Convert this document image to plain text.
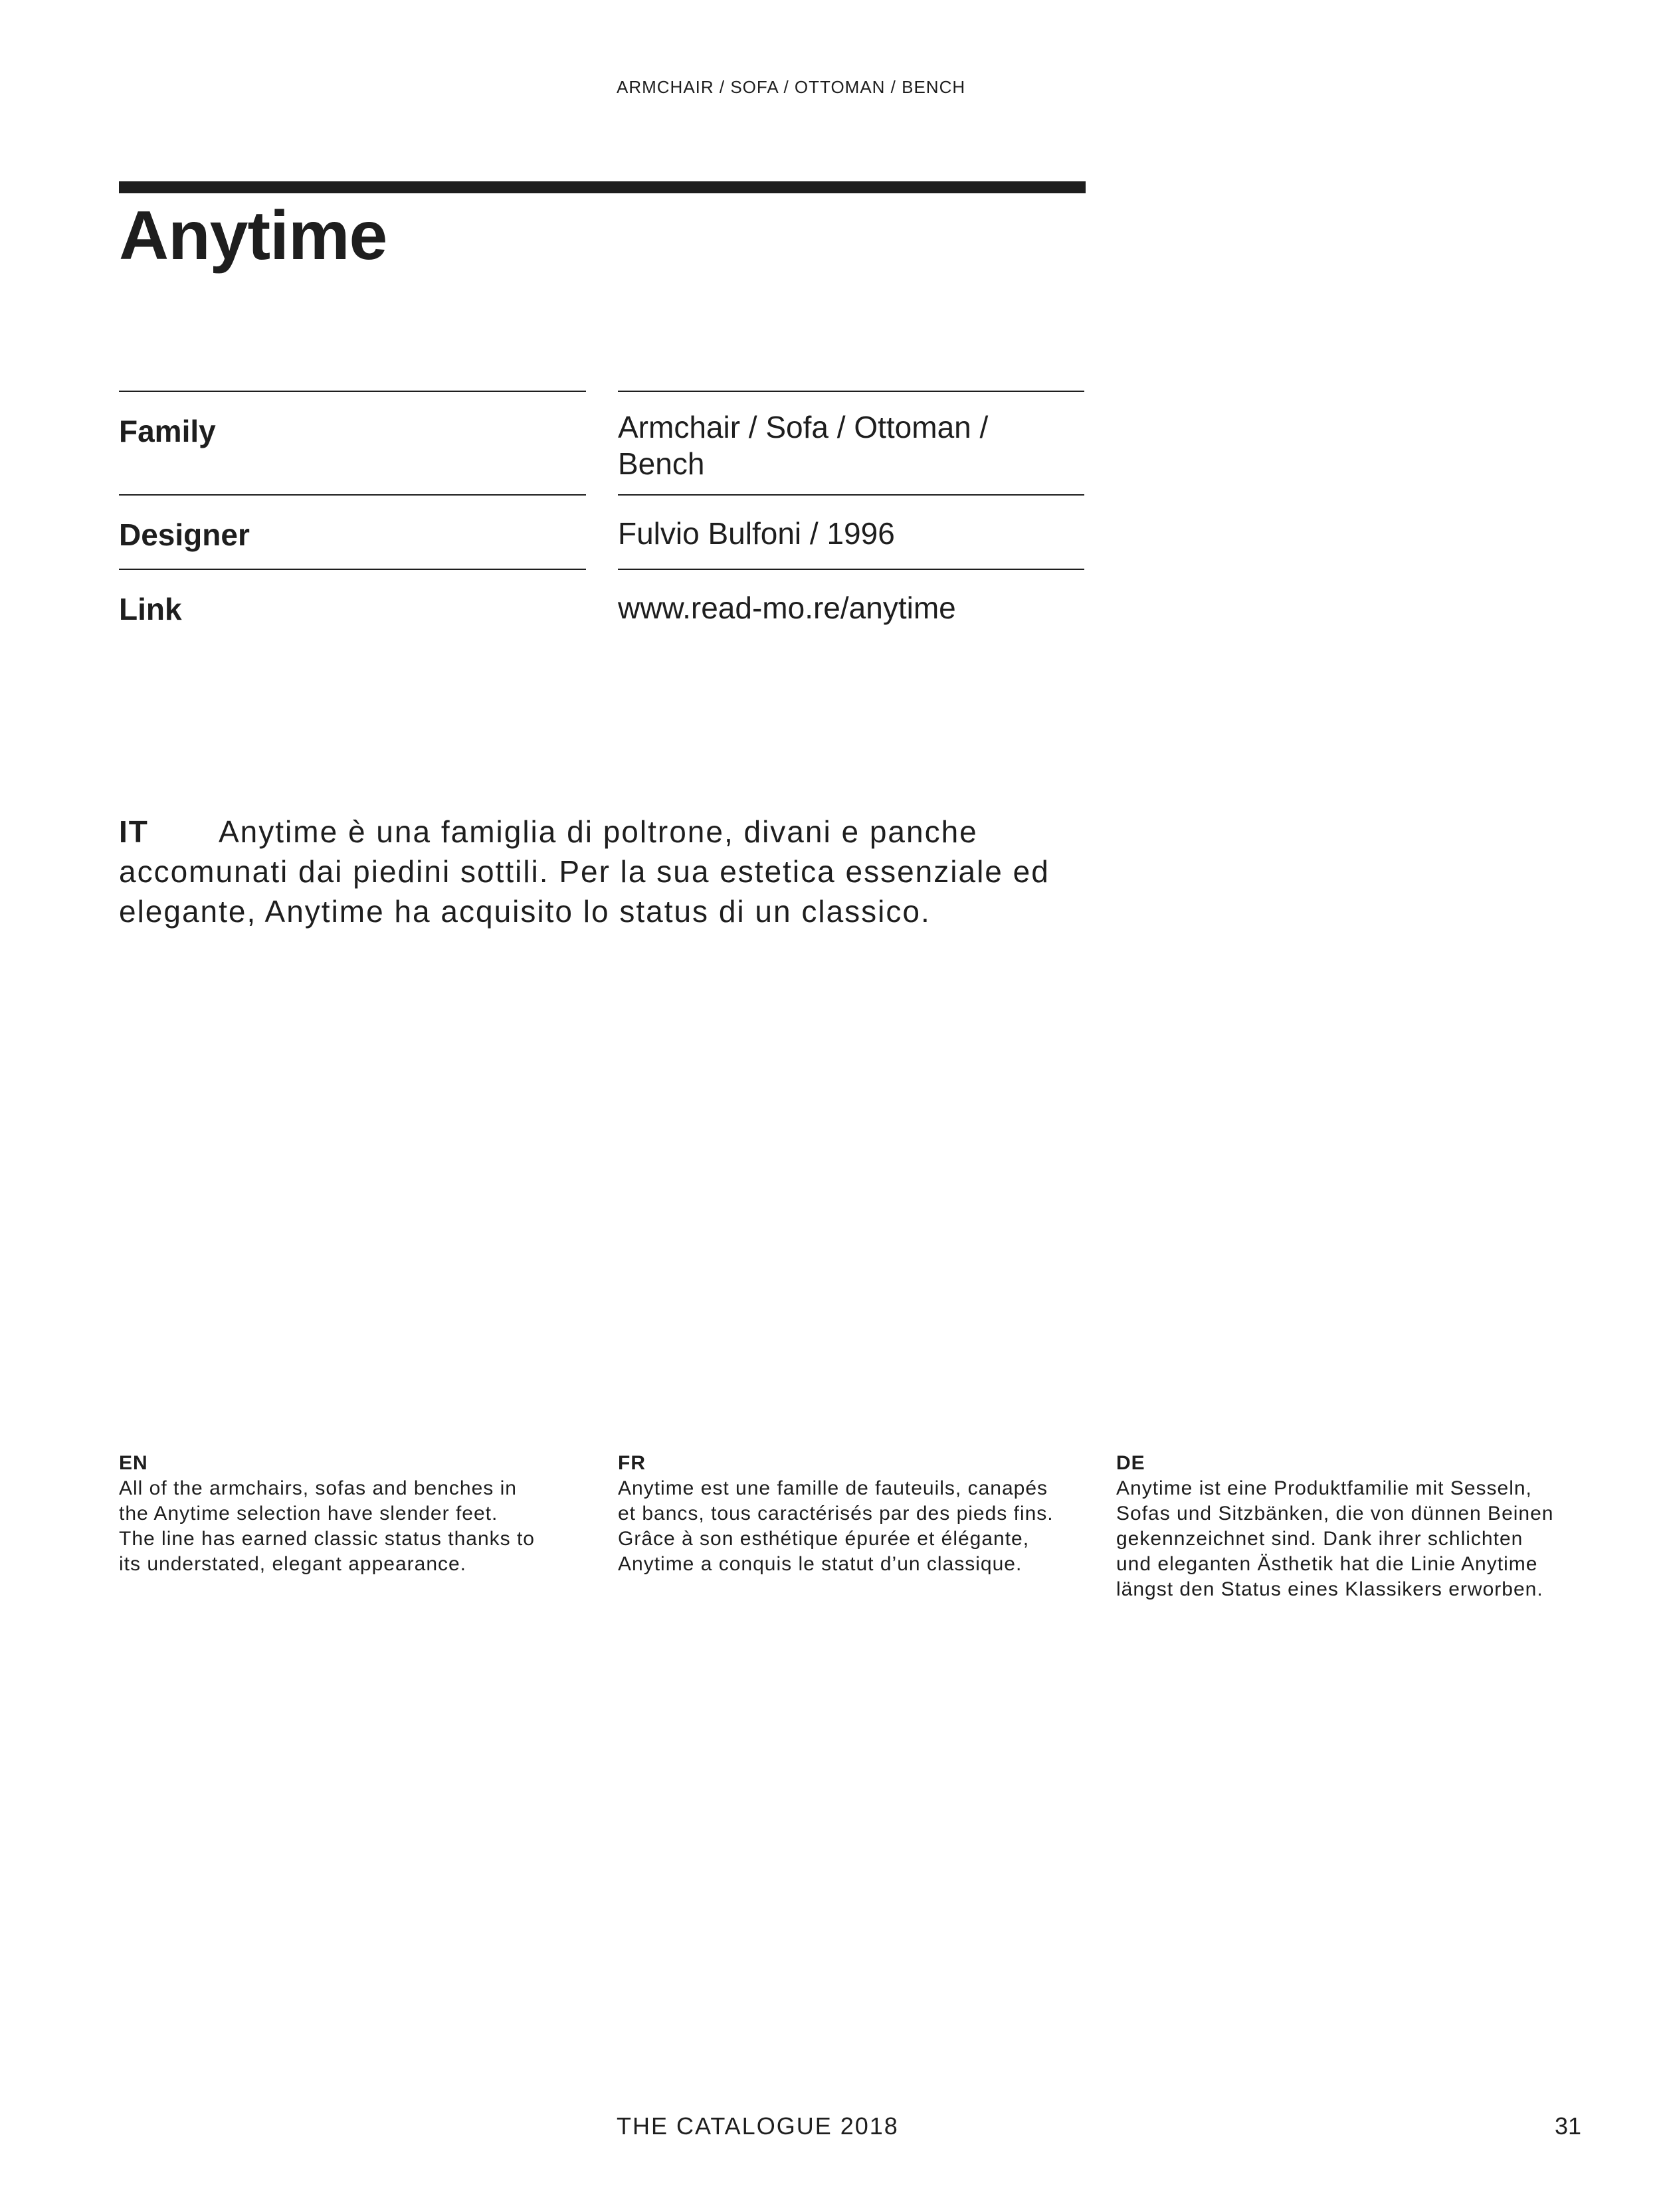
ARMCHAIR / SOFA / OTTOMAN / BENCH
Anytime
Family	Armchair / Sofa / Ottoman /
Bench
Designer	Fulvio Bulfoni / 1996
Link	www.read-mo.re/anytime
IT Anytime è una famiglia di poltrone, divani e panche accomunati dai piedini sottili. Per la sua estetica essenziale ed elegante, Anytime ha acquisito lo status di un classico.
EN
All of the armchairs, sofas and benches in
the Anytime selection have slender feet.
The line has earned classic status thanks to
its understated, elegant appearance.
FR
Anytime est une famille de fauteuils, canapés
et bancs, tous caractérisés par des pieds fins.
Grâce à son esthétique épurée et élégante,
Anytime a conquis le statut d’un classique.
DE
Anytime ist eine Produktfamilie mit Sesseln,
Sofas und Sitzbänken, die von dünnen Beinen
gekennzeichnet sind. Dank ihrer schlichten
und eleganten Ästhetik hat die Linie Anytime
längst den Status eines Klassikers erworben.
THE CATALOGUE 2018	31
